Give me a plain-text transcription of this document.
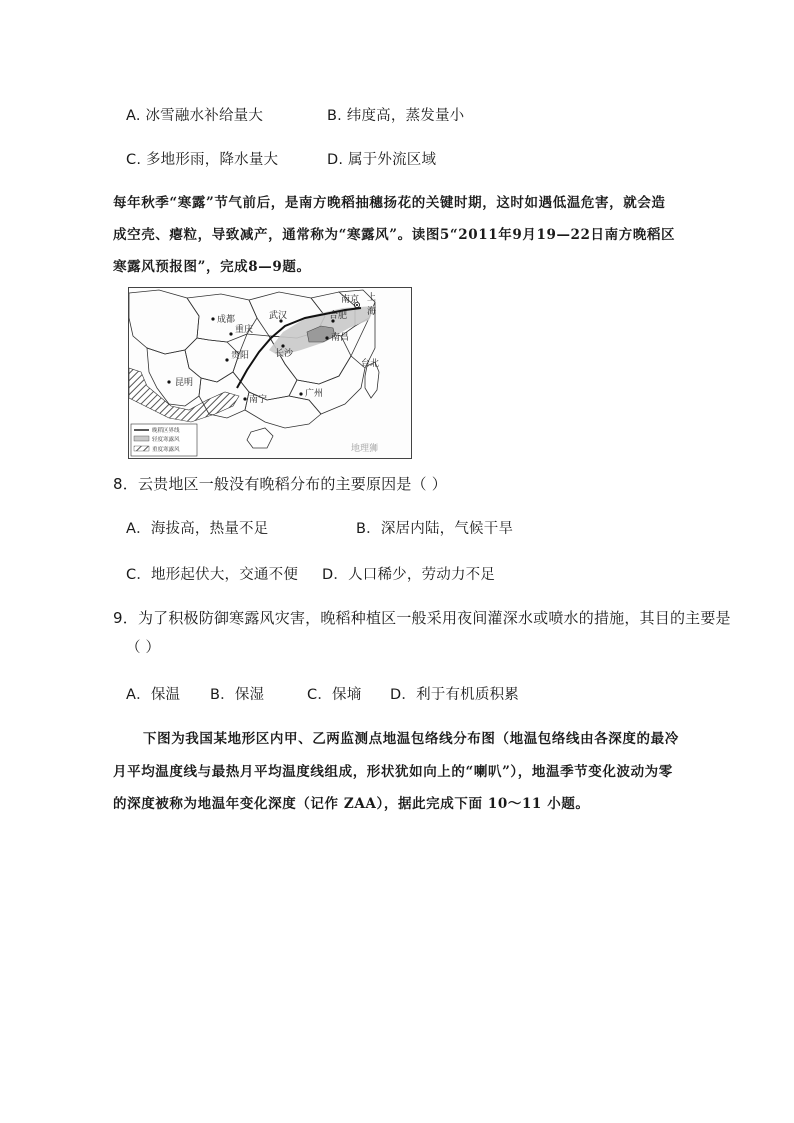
A. 冰雪融水补给量大	B. 纬度高，蒸发量小
C. 多地形雨，降水量大	D. 属于外流区域
每年秋季“寒露”节气前后，是南方晚稻抽穗扬花的关键时期，这时如遇低温危害，就会造
成空壳、瘪粒，导致减产，通常称为“寒露风”。读图5“2011年9月19—22日南方晚稻区
寒露风预报图”，完成8—9题。
成都
重庆
武汉
南京
合肥
上
海
南昌
长沙
贵阳
昆明
南宁
广州
台北
晚稻区界线
轻度寒露风
重度寒露风	地理狮
8．云贵地区一般没有晚稻分布的主要原因是（ ）
A．海拔高，热量不足	B．深居内陆，气候干旱
C．地形起伏大，交通不便 D．人口稀少，劳动力不足
9．为了积极防御寒露风灾害，晚稻种植区一般采用夜间灌深水或喷水的措施，其目的主要是
（ ）
A．保温 B．保湿	C．保墒 D．利于有机质积累
下图为我国某地形区内甲、乙两监测点地温包络线分布图（地温包络线由各深度的最冷
月平均温度线与最热月平均温度线组成，形状犹如向上的“喇叭”），地温季节变化波动为零
的深度被称为地温年变化深度（记作 ZAA），据此完成下面 10～11 小题。
